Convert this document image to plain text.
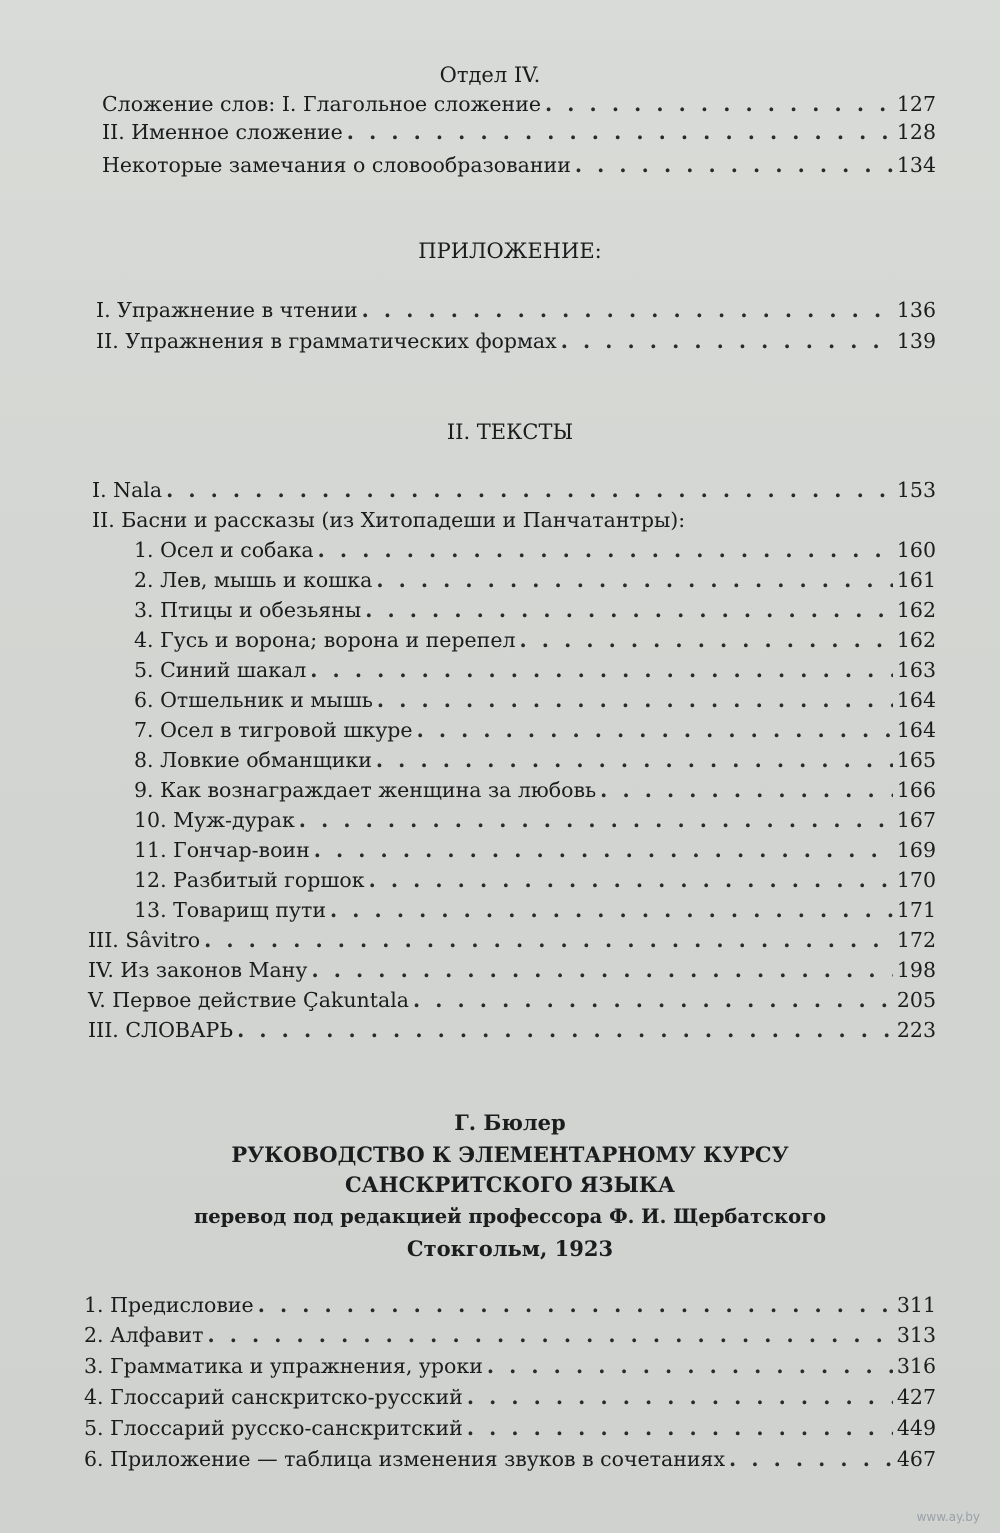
Отдел IV.
Сложение слов: I. Глагольное сложение . . .	127
II. Именное сложение . . .	128
Некоторые замечания о словообразовании . . .	134
ПРИЛОЖЕНИЕ:
I. Упражнение в чтении . . .	136
II. Упражнения в грамматических формах . . .	139
II. ТЕКСТЫ
I. Nala . . .	153
II. Басни и рассказы (из Хитопадеши и Панчатантры):
1. Осел и собака . . .	160
2. Лев, мышь и кошка . . .	161
3. Птицы и обезьяны . . .	162
4. Гусь и ворона; ворона и перепел . . .	162
5. Синий шакал . . .	163
6. Отшельник и мышь . . .	164
7. Осел в тигровой шкуре . . .	164
8. Ловкие обманщики . . .	165
9. Как вознаграждает женщина за любовь . . .	166
10. Муж-дурак . . .	167
11. Гончар-воин . . .	169
12. Разбитый горшок . . .	170
13. Товарищ пути . . .	171
III. Sâvitro . . .	172
IV. Из законов Ману . . .	198
V. Первое действие Çakuntala . . .	205
III. СЛОВАРЬ . . .	223
Г. Бюлер
РУКОВОДСТВО К ЭЛЕМЕНТАРНОМУ КУРСУ
САНСКРИТСКОГО ЯЗЫКА
перевод под редакцией профессора Ф. И. Щербатского
Стокгольм, 1923
1. Предисловие . . .	311
2. Алфавит . . .	313
3. Грамматика и упражнения, уроки . . .	316
4. Глоссарий санскритско-русский . . .	427
5. Глоссарий русско-санскритский . . .	449
6. Приложение — таблица изменения звуков в сочетаниях . . .	467
www.ay.by
